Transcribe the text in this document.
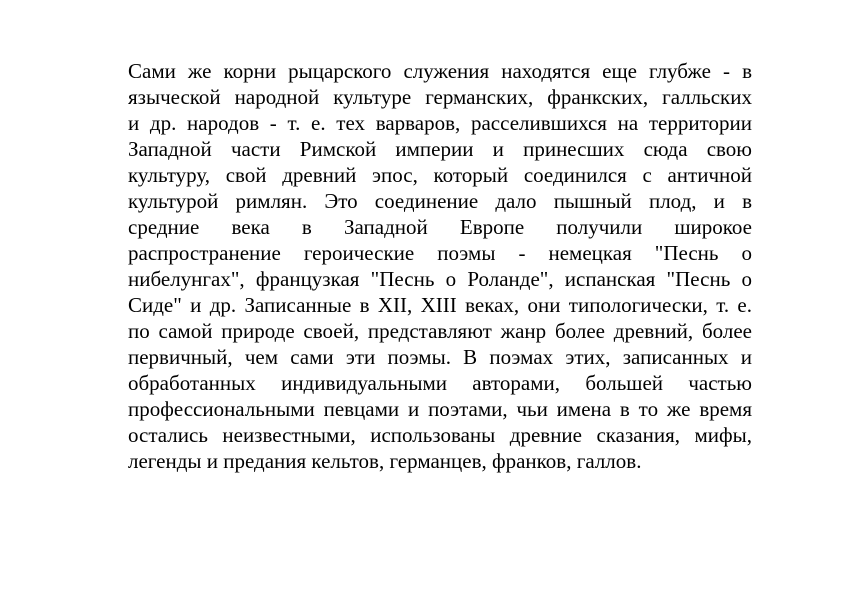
Сами же корни рыцарского служения находятся еще глубже - в
языческой народной культуре германских, франкских, галльских
и др. народов - т. е. тех варваров, расселившихся на территории
Западной части Римской империи и принесших сюда свою
культуру, свой древний эпос, который соединился с античной
культурой римлян. Это соединение дало пышный плод, и в
средние века в Западной Европе получили широкое
распространение героические поэмы - немецкая "Песнь о
нибелунгах", французкая "Песнь о Роланде", испанская "Песнь о
Сиде" и др. Записанные в XII, XIII веках, они типологически, т. е.
по самой природе своей, представляют жанр более древний, более
первичный, чем сами эти поэмы. В поэмах этих, записанных и
обработанных индивидуальными авторами, большей частью
профессиональными певцами и поэтами, чьи имена в то же время
остались неизвестными, использованы древние сказания, мифы,
легенды и предания кельтов, германцев, франков, галлов.
